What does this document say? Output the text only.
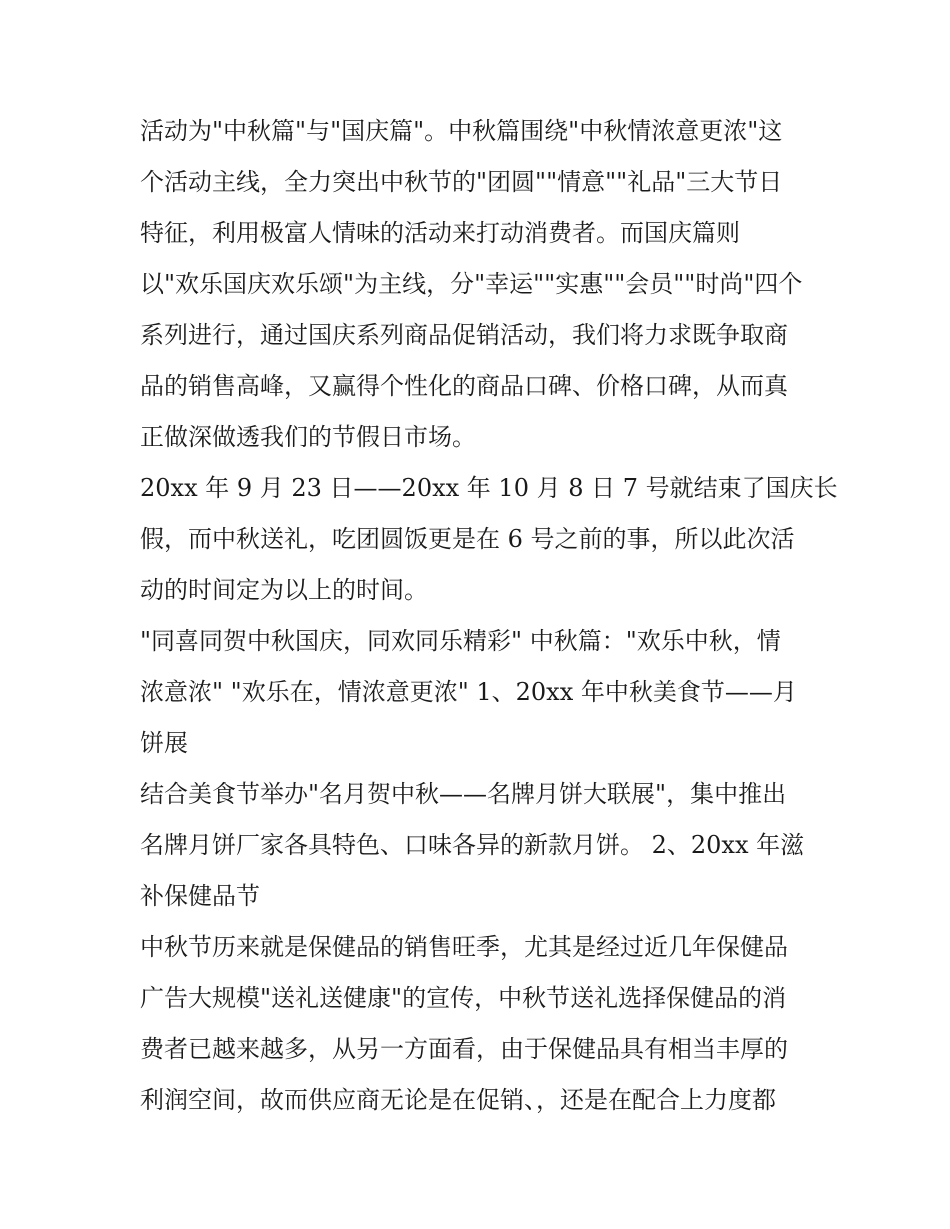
活动为"中秋篇"与"国庆篇"。中秋篇围绕"中秋情浓意更浓"这
个活动主线，全力突出中秋节的"团圆""情意""礼品"三大节日
特征，利用极富人情味的活动来打动消费者。而国庆篇则
以"欢乐国庆欢乐颂"为主线，分"幸运""实惠""会员""时尚"四个
系列进行，通过国庆系列商品促销活动，我们将力求既争取商
品的销售高峰，又赢得个性化的商品口碑、价格口碑，从而真
正做深做透我们的节假日市场。
20xx 年 9 月 23 日——20xx 年 10 月 8 日 7 号就结束了国庆长
假，而中秋送礼，吃团圆饭更是在 6 号之前的事，所以此次活
动的时间定为以上的时间。
"同喜同贺中秋国庆，同欢同乐精彩" 中秋篇："欢乐中秋，情
浓意浓" "欢乐在，情浓意更浓" 1、20xx 年中秋美食节——月
饼展
结合美食节举办"名月贺中秋——名牌月饼大联展"，集中推出
名牌月饼厂家各具特色、口味各异的新款月饼。 2、20xx 年滋
补保健品节
中秋节历来就是保健品的销售旺季，尤其是经过近几年保健品
广告大规模"送礼送健康"的宣传，中秋节送礼选择保健品的消
费者已越来越多，从另一方面看，由于保健品具有相当丰厚的
利润空间，故而供应商无论是在促销、，还是在配合上力度都
